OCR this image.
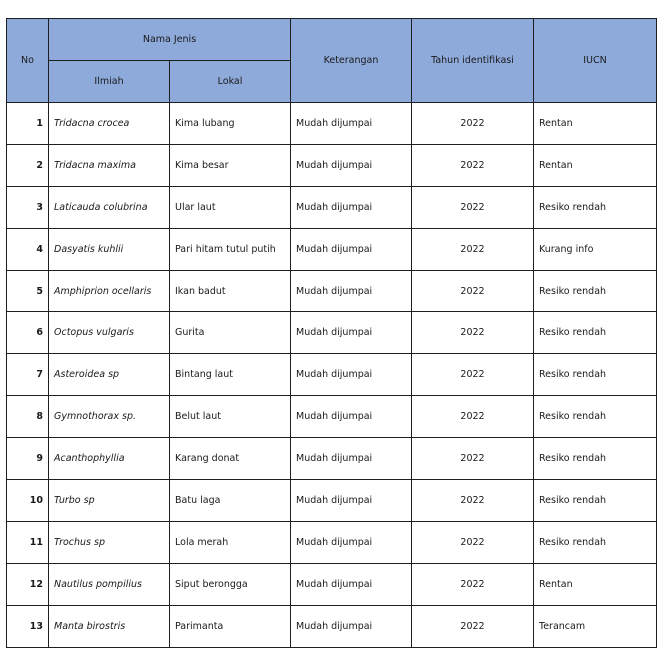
No	Nama Jenis		Keterangan	Tahun identifikasi	IUCN
	Ilmiah	Lokal			
1	Tridacna crocea	Kima lubang	Mudah dijumpai	2022	Rentan
2	Tridacna maxima	Kima besar	Mudah dijumpai	2022	Rentan
3	Laticauda colubrina	Ular laut	Mudah dijumpai	2022	Resiko rendah
4	Dasyatis kuhlii	Pari hitam tutul putih	Mudah dijumpai	2022	Kurang info
5	Amphiprion ocellaris	Ikan badut	Mudah dijumpai	2022	Resiko rendah
6	Octopus vulgaris	Gurita	Mudah dijumpai	2022	Resiko rendah
7	Asteroidea sp	Bintang laut	Mudah dijumpai	2022	Resiko rendah
8	Gymnothorax sp.	Belut laut	Mudah dijumpai	2022	Resiko rendah
9	Acanthophyllia	Karang donat	Mudah dijumpai	2022	Resiko rendah
10	Turbo sp	Batu laga	Mudah dijumpai	2022	Resiko rendah
11	Trochus sp	Lola merah	Mudah dijumpai	2022	Resiko rendah
12	Nautilus pompilius	Siput berongga	Mudah dijumpai	2022	Rentan
13	Manta birostris	Parimanta	Mudah dijumpai	2022	Terancam
